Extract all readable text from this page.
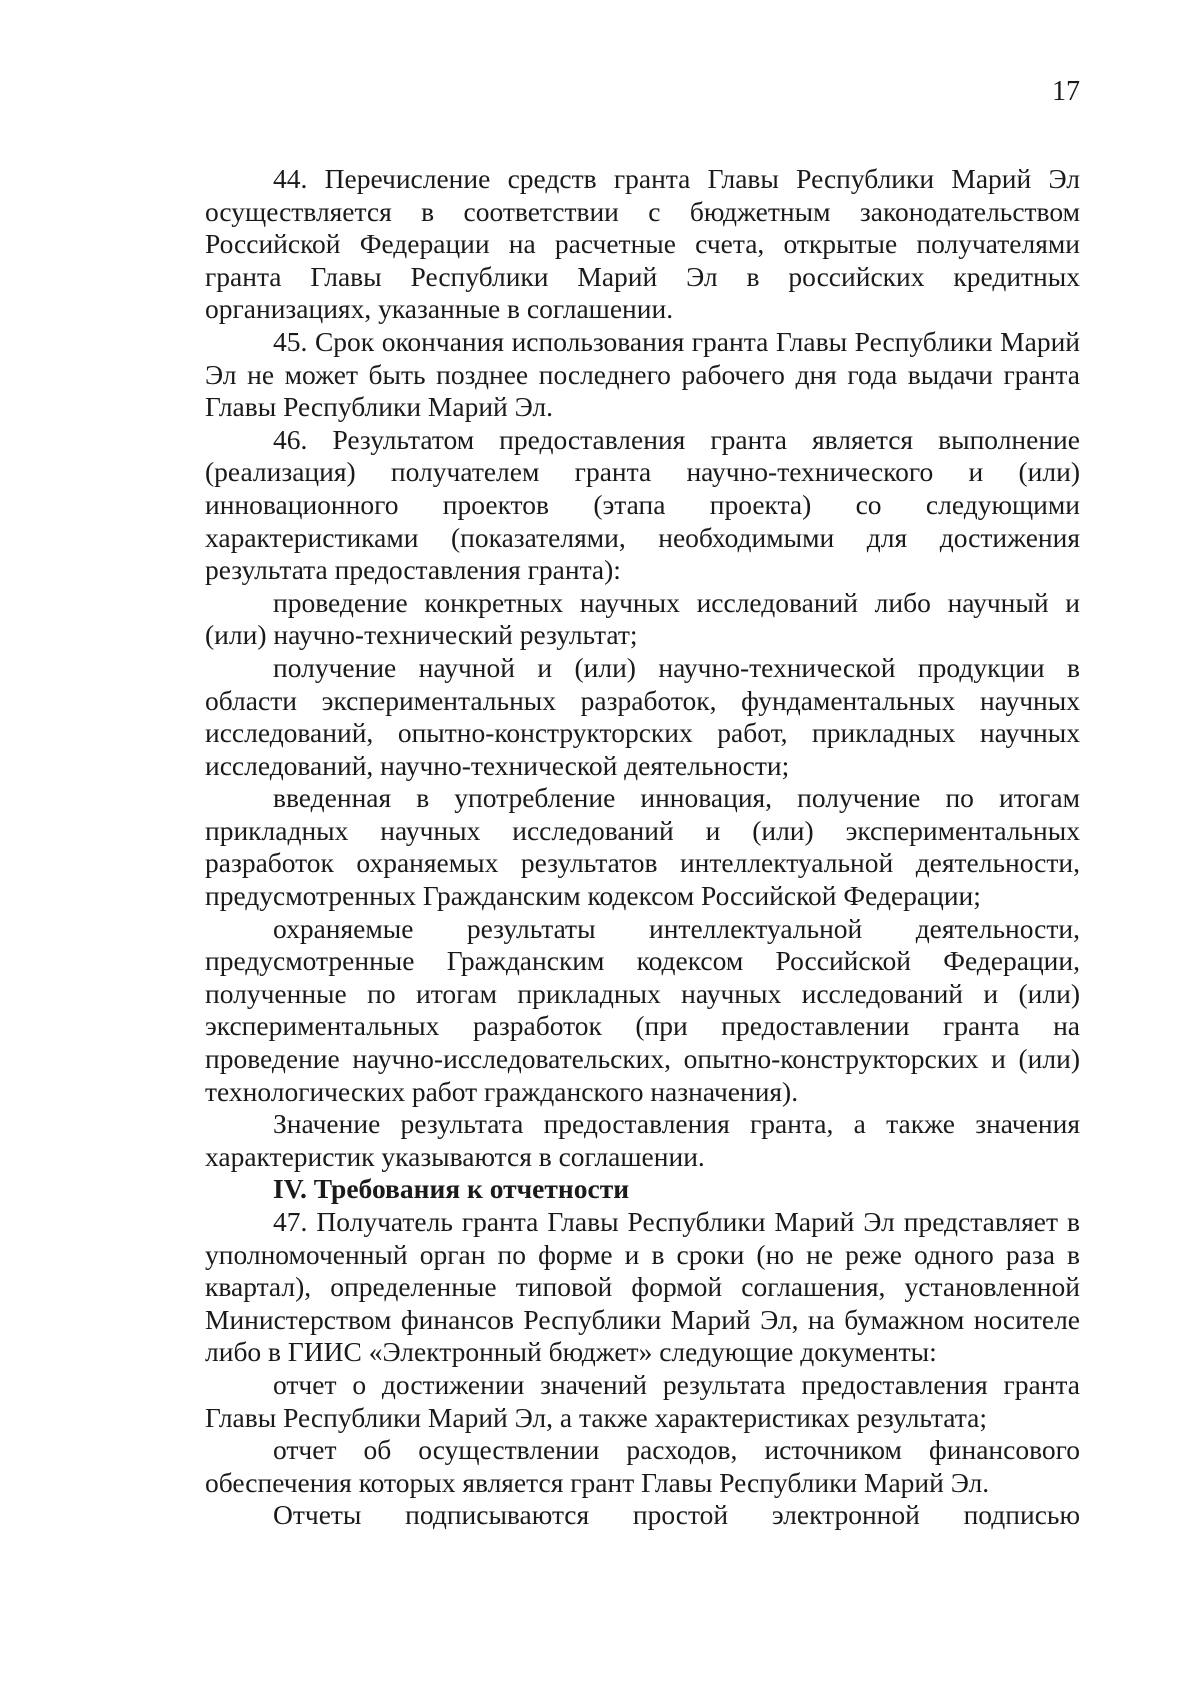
17

44. Перечисление средств гранта Главы Республики Марий Эл осуществляется в соответствии с бюджетным законодательством Российской Федерации на расчетные счета, открытые получателями гранта Главы Республики Марий Эл в российских кредитных организациях, указанные в соглашении.

45. Срок окончания использования гранта Главы Республики Марий Эл не может быть позднее последнего рабочего дня года выдачи гранта Главы Республики Марий Эл.

46. Результатом предоставления гранта является выполнение (реализация) получателем гранта научно-технического и (или) инновационного проектов (этапа проекта) со следующими характеристиками (показателями, необходимыми для достижения результата предоставления гранта):

проведение конкретных научных исследований либо научный и (или) научно-технический результат;

получение научной и (или) научно-технической продукции в области экспериментальных разработок, фундаментальных научных исследований, опытно-конструкторских работ, прикладных научных исследований, научно-технической деятельности;

введенная в употребление инновация, получение по итогам прикладных научных исследований и (или) экспериментальных разработок охраняемых результатов интеллектуальной деятельности, предусмотренных Гражданским кодексом Российской Федерации;

охраняемые результаты интеллектуальной деятельности, предусмотренные Гражданским кодексом Российской Федерации, полученные по итогам прикладных научных исследований и (или) экспериментальных разработок (при предоставлении гранта на проведение научно-исследовательских, опытно-конструкторских и (или) технологических работ гражданского назначения).

Значение результата предоставления гранта, а также значения характеристик указываются в соглашении.

IV. Требования к отчетности

47. Получатель гранта Главы Республики Марий Эл представляет в уполномоченный орган по форме и в сроки (но не реже одного раза в квартал), определенные типовой формой соглашения, установленной Министерством финансов Республики Марий Эл, на бумажном носителе либо в ГИИС «Электронный бюджет» следующие документы:

отчет о достижении значений результата предоставления гранта Главы Республики Марий Эл, а также характеристиках результата;

отчет об осуществлении расходов, источником финансового обеспечения которых является грант Главы Республики Марий Эл.

Отчеты подписываются простой электронной подписью
